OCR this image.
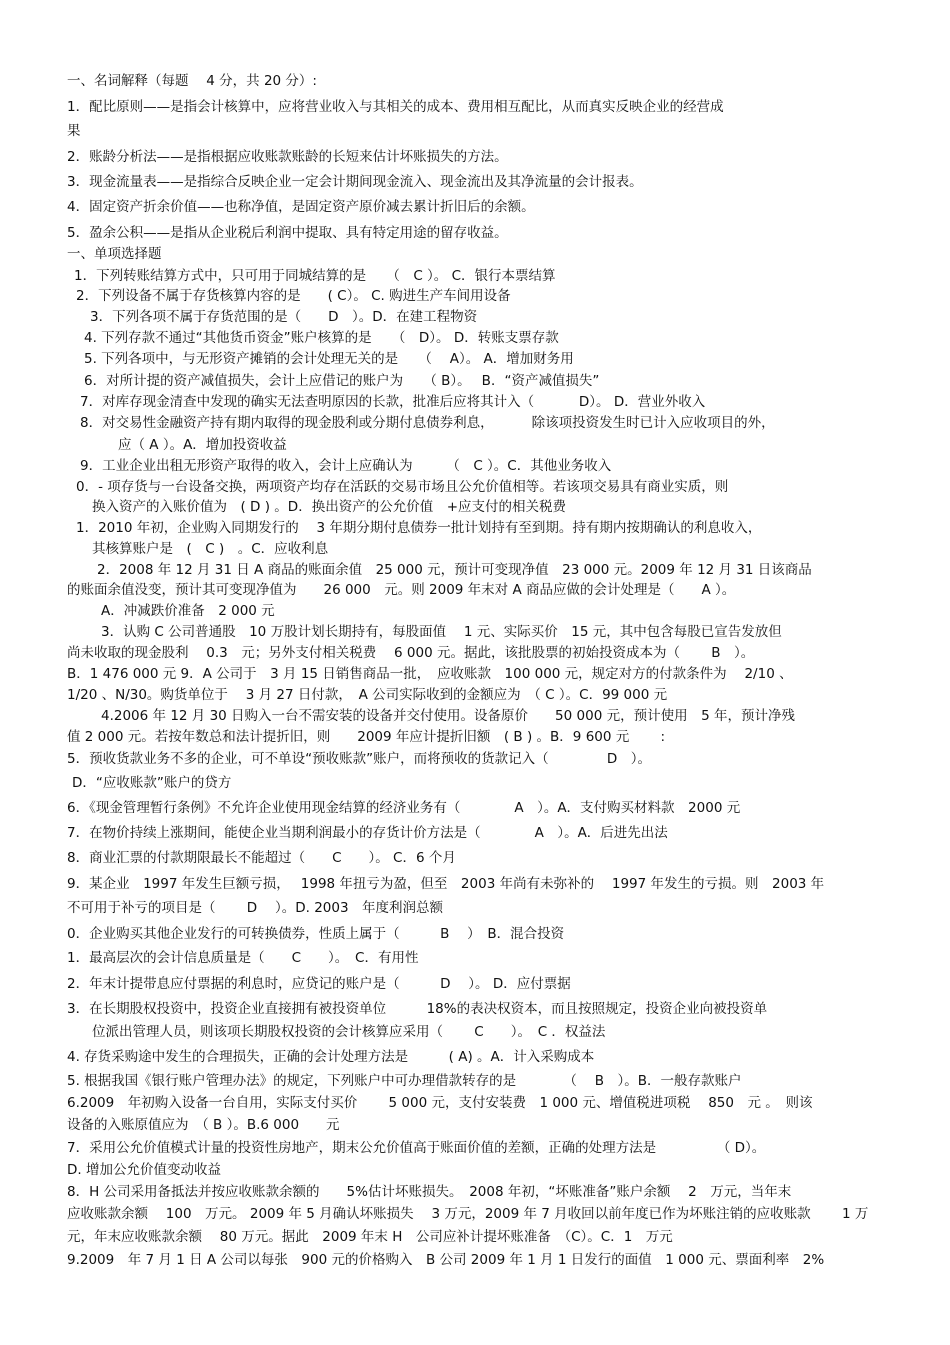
一、名词解释（每题　 4 分，共 20 分）:
1．配比原则——是指会计核算中，应将营业收入与其相关的成本、费用相互配比，从而真实反映企业的经营成
果
2．账龄分析法——是指根据应收账款账龄的长短来估计坏账损失的方法。
3．现金流量表——是指综合反映企业一定会计期间现金流入、现金流出及其净流量的会计报表。
4．固定资产折余价值——也称净值，是固定资产原价减去累计折旧后的余额。
5．盈余公积——是指从企业税后利润中提取、具有特定用途的留存收益。
一、单项选择题
1．下列转账结算方式中，只可用于同城结算的是　　（　C ）。 C．银行本票结算
2．下列设备不属于存货核算内容的是　　( C）。 C. 购进生产车间用设备
3．下列各项不属于存货范围的是（　　D　）。D．在建工程物资
4. 下列存款不通过“其他货币资金”账户核算的是　　（　D）。 D．转账支票存款
5. 下列各项中，与无形资产摊销的会计处理无关的是　　（　 A）。 A．增加财务用
6．对所计提的资产减值损失，会计上应借记的账户为　　（ B）。　 B．“资产减值损失”
7．对库存现金清查中发现的确实无法查明原因的长款，批准后应将其计入（　　　 D）。 D．营业外收入
8．对交易性金融资产持有期内取得的现金股利或分期付息债券利息，　　　 除该项投资发生时已计入应收项目的外，
应（ A ）。A．增加投资收益
9．工业企业出租无形资产取得的收入，会计上应确认为　　　（　C ）。C．其他业务收入
0．- 项存货与一台设备交换，两项资产均存在活跃的交易市场且公允价值相等。若该项交易具有商业实质，则
换入资产的入账价值为　( D ) 。D．换出资产的公允价值　+应支付的相关税费
1．2010 年初，企业购入同期发行的　 3 年期分期付息债券一批计划持有至到期。持有期内按期确认的利息收入，
其核算账户是　(　C )　。C．应收利息
2．2008 年 12 月 31 日 A 商品的账面余值　25 000 元，预计可变现净值　23 000 元。2009 年 12 月 31 日该商品
的账面余值没变，预计其可变现净值为　　26 000　元。则 2009 年末对 A 商品应做的会计处理是（　　A ）。
A．冲减跌价准备　2 000 元
3．认购 C 公司普通股　10 万股计划长期持有，每股面值　 1 元、实际买价　15 元，其中包含每股已宣告发放但
尚未收取的现金股利　 0.3　元；另外支付相关税费　 6 000 元。据此，该批股票的初始投资成本为（　　 B　）。
B．1 476 000 元 9．A 公司于　3 月 15 日销售商品一批，　应收账款　100 000 元，规定对方的付款条件为　 2/10 、
1/20 、N/30。购货单位于　 3 月 27 日付款，　A 公司实际收到的金额应为　（ C ）。C．99 000 元
4.2006 年 12 月 30 日购入一台不需安装的设备并交付使用。设备原价　　50 000 元，预计使用　5 年，预计净残
值 2 000 元。若按年数总和法计提折旧，则　　2009 年应计提折旧额　( B ) 。B．9 600 元　　 :
5．预收货款业务不多的企业，可不单设“预收账款”账户，而将预收的货款记入（　　　　 D　）。
D．“应收账款”账户的贷方
6．《现金管理暂行条例》不允许企业使用现金结算的经济业务有（　　　　A　）。A．支付购买材料款　2000 元
7．在物价持续上涨期间，能使企业当期利润最小的存货计价方法是（　　　　A　）。A．后进先出法
8．商业汇票的付款期限最长不能超过（　　C　　）。 C．6 个月
9．某企业　1997 年发生巨额亏损，　 1998 年扭亏为盈，但至　2003 年尚有未弥补的　 1997 年发生的亏损。则　2003 年
不可用于补亏的项目是（　　 D　 ）。D. 2003　年度利润总额
0．企业购买其他企业发行的可转换债券，性质上属于（　　　B　 ）　B．混合投资
1．最高层次的会计信息质量是（　　C　　）。　C．有用性
2．年末计提带息应付票据的利息时，应贷记的账户是（　　　D　 ）。 D．应付票据
3．在长期股权投资中，投资企业直接拥有被投资单位　　　18%的表决权资本，而且按照规定，投资企业向被投资单
位派出管理人员，则该项长期股权投资的会计核算应采用（　　 C　　）。　C ．权益法
4. 存货采购途中发生的合理损失，正确的会计处理方法是　　　( A) 。A．计入采购成本
5. 根据我国《银行账户管理办法》的规定，下列账户中可办理借款转存的是　　　　（　 B　）。B．一般存款账户
6.2009　年初购入设备一台自用，实际支付买价　　 5 000 元，支付安装费　1 000 元、增值税进项税　 850　元 。　则该
设备的入账原值应为　（ B ）。B.6 000　　元
7．采用公允价值模式计量的投资性房地产，期末公允价值高于账面价值的差额，正确的处理方法是　　　　　（ D）。
D. 增加公允价值变动收益
8．H 公司采用备抵法并按应收账款余额的　　5%估计坏账损失。　2008 年初，“坏账准备”账户余额　 2　万元，当年末
应收账款余额　 100　万元。 2009 年 5 月确认坏账损失　 3 万元，2009 年 7 月收回以前年度已作为坏账注销的应收账款　　 1 万
元，年末应收账款余额　 80 万元。据此　2009 年末 H　公司应补计提坏账准备　（C）。C．1　万元
9.2009　年 7 月 1 日 A 公司以每张　900 元的价格购入　B 公司 2009 年 1 月 1 日发行的面值　1 000 元、票面利率　2%
